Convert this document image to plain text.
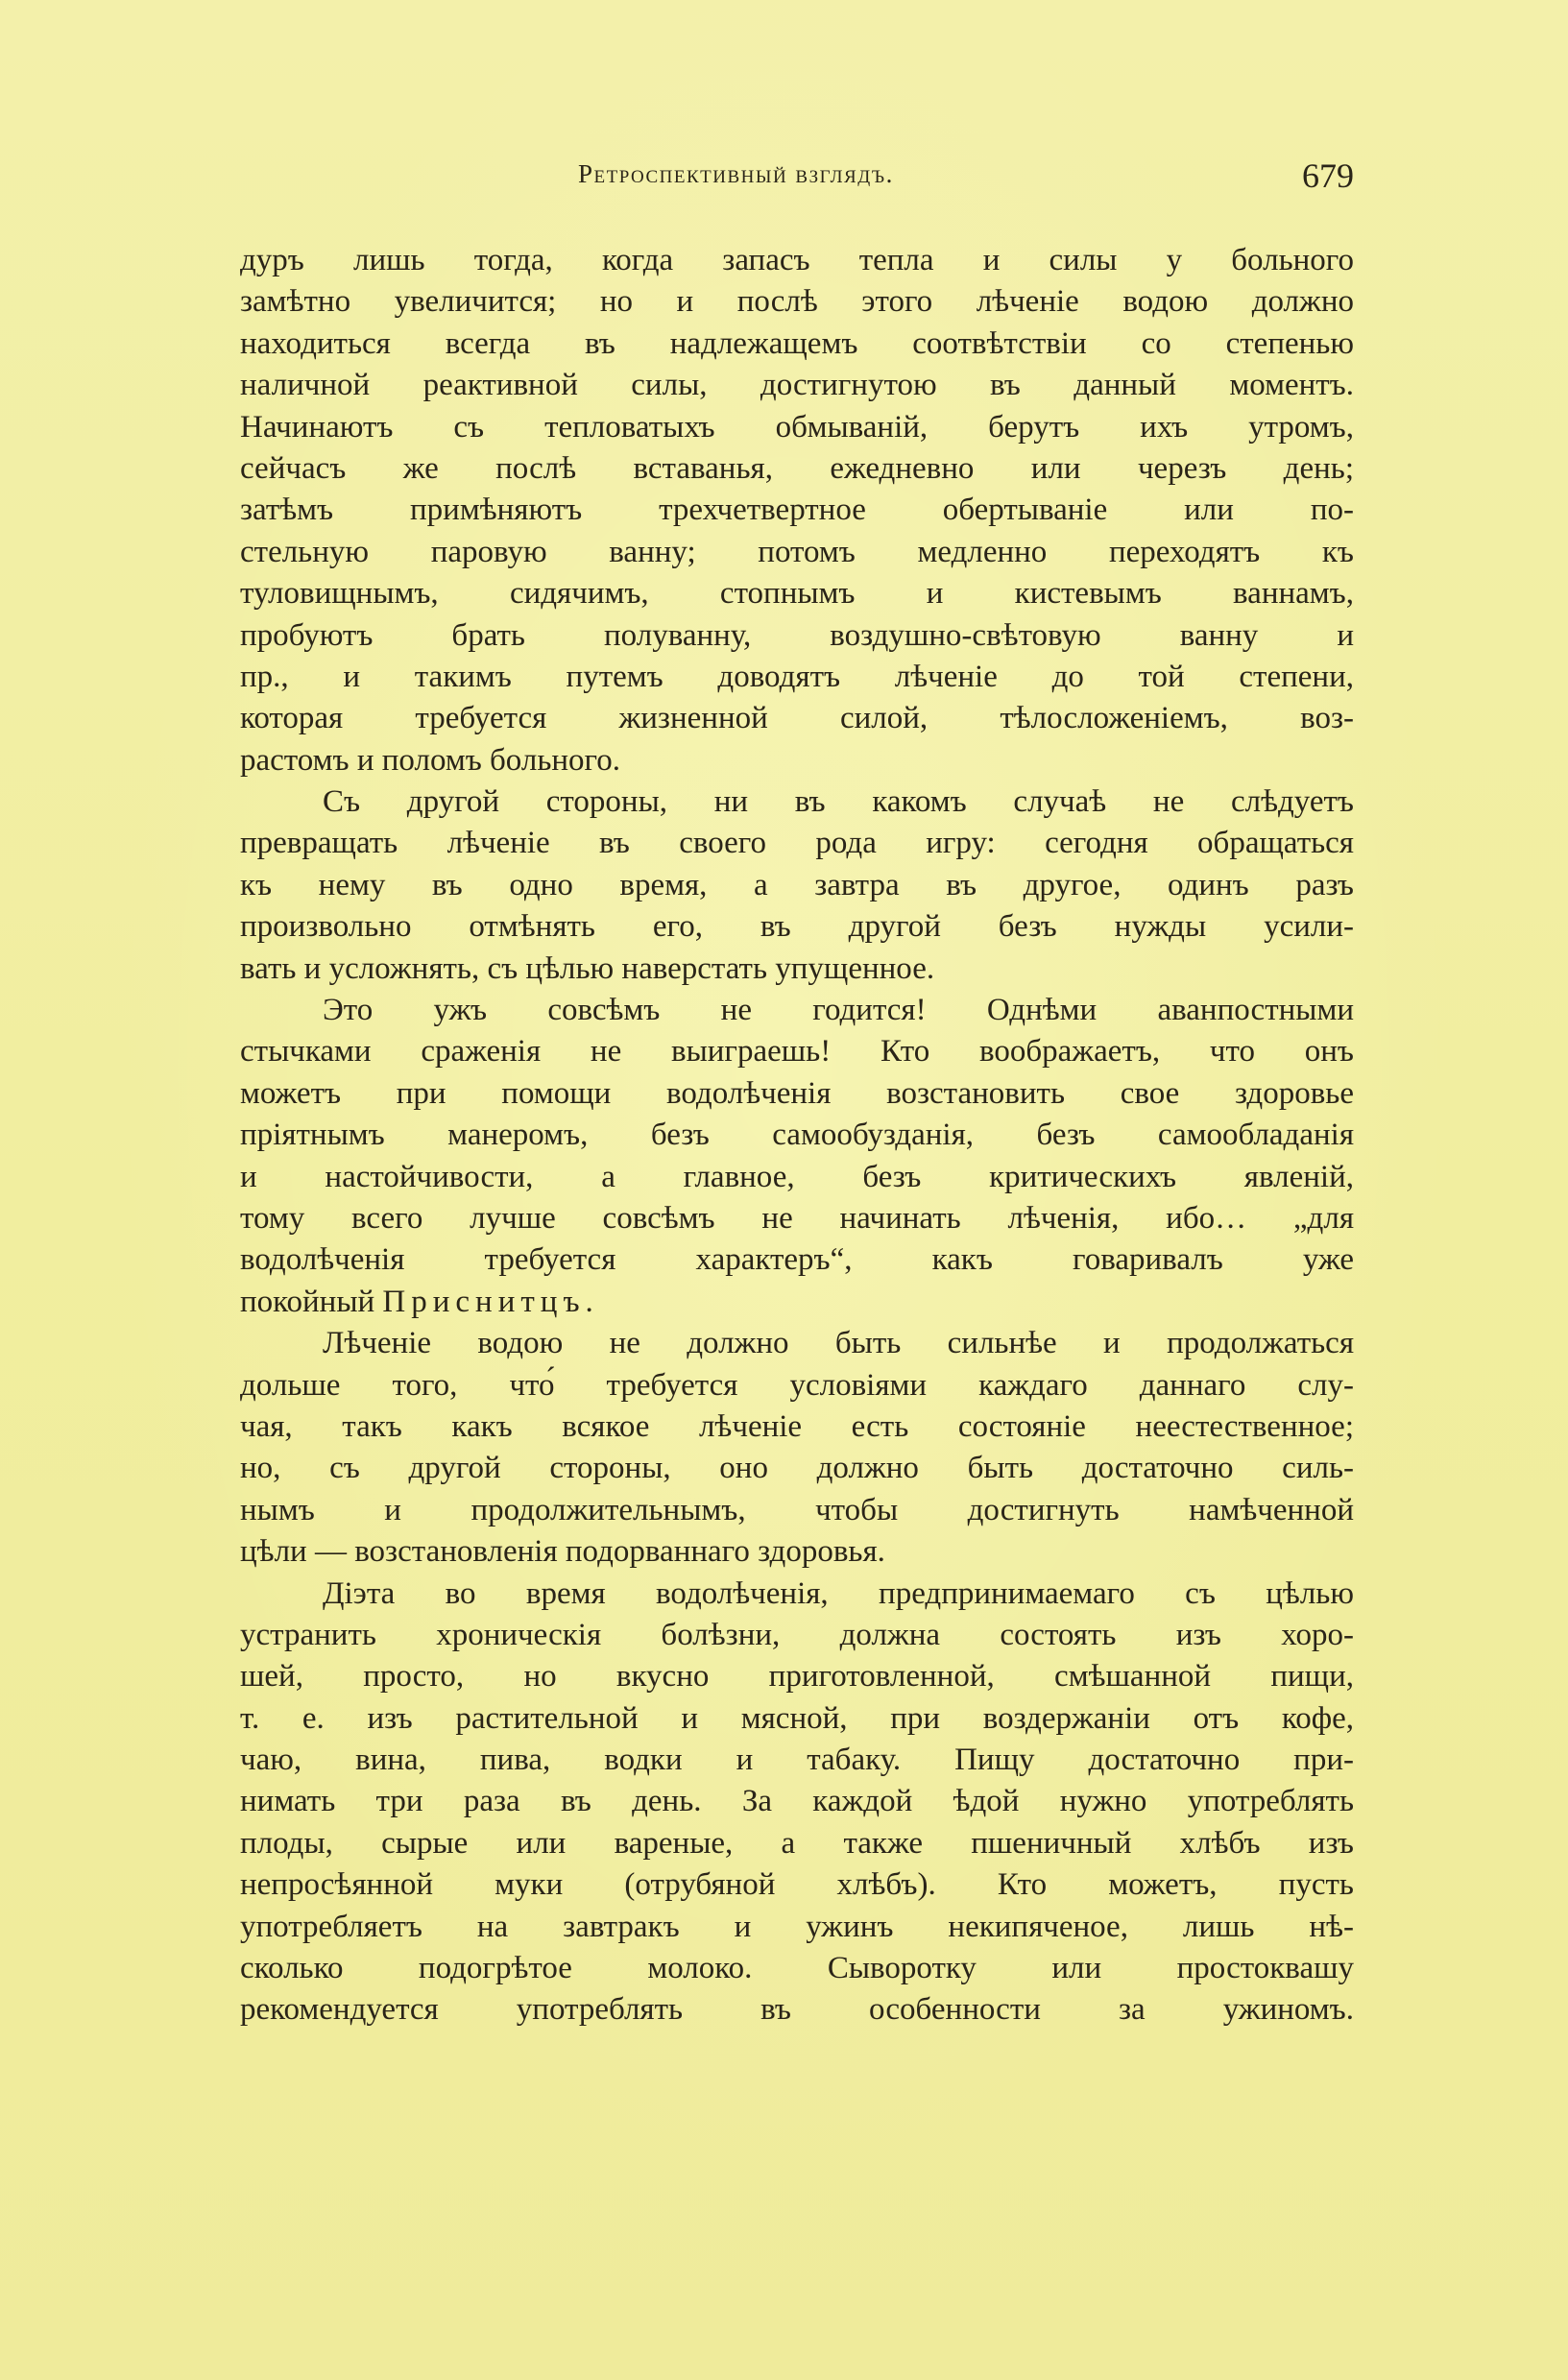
Ретроспективный взглядъ.	679
дуръ лишь тогда, когда запасъ тепла и силы у больного
замѣтно увеличится; но и послѣ этого лѣченіе водою должно
находиться всегда въ надлежащемъ соотвѣтствіи со степенью
наличной реактивной силы, достигнутою въ данный моментъ.
Начинаютъ съ тепловатыхъ обмываній, берутъ ихъ утромъ,
сейчасъ же послѣ вставанья, ежедневно или черезъ день;
затѣмъ примѣняютъ трехчетвертное обертываніе или по-
стельную паровую ванну; потомъ медленно переходятъ къ
туловищнымъ, сидячимъ, стопнымъ и кистевымъ ваннамъ,
пробуютъ брать полуванну, воздушно-свѣтовую ванну и
пр., и такимъ путемъ доводятъ лѣченіе до той степени,
которая требуется жизненной силой, тѣлосложеніемъ, воз-
растомъ и поломъ больного.
Съ другой стороны, ни въ какомъ случаѣ не слѣдуетъ
превращать лѣченіе въ своего рода игру: сегодня обращаться
къ нему въ одно время, а завтра въ другое, одинъ разъ
произвольно отмѣнять его, въ другой безъ нужды усили-
вать и усложнять, съ цѣлью наверстать упущенное.
Это ужъ совсѣмъ не годится! Однѣми аванпостными
стычками сраженія не выиграешь! Кто воображаетъ, что онъ
можетъ при помощи водолѣченія возстановить свое здоровье
пріятнымъ манеромъ, безъ самообузданія, безъ самообладанія
и настойчивости, а главное, безъ критическихъ явленій,
тому всего лучше совсѣмъ не начинать лѣченія, ибо… „для
водолѣченія требуется характеръ“, какъ говаривалъ уже
покойный Приснитцъ.
Лѣченіе водою не должно быть сильнѣе и продолжаться
дольше того, что́ требуется условіями каждаго даннаго слу-
чая, такъ какъ всякое лѣченіе есть состояніе неестественное;
но, съ другой стороны, оно должно быть достаточно силь-
нымъ и продолжительнымъ, чтобы достигнуть намѣченной
цѣли — возстановленія подорваннаго здоровья.
Діэта во время водолѣченія, предпринимаемаго съ цѣлью
устранить хроническія болѣзни, должна состоять изъ хоро-
шей, просто, но вкусно приготовленной, смѣшанной пищи,
т. е. изъ растительной и мясной, при воздержаніи отъ кофе,
чаю, вина, пива, водки и табаку. Пищу достаточно при-
нимать три раза въ день. За каждой ѣдой нужно употреблять
плоды, сырые или вареные, а также пшеничный хлѣбъ изъ
непросѣянной муки (отрубяной хлѣбъ). Кто можетъ, пусть
употребляетъ на завтракъ и ужинъ некипяченое, лишь нѣ-
сколько подогрѣтое молоко. Сыворотку или простоквашу
рекомендуется употреблять въ особенности за ужиномъ.
